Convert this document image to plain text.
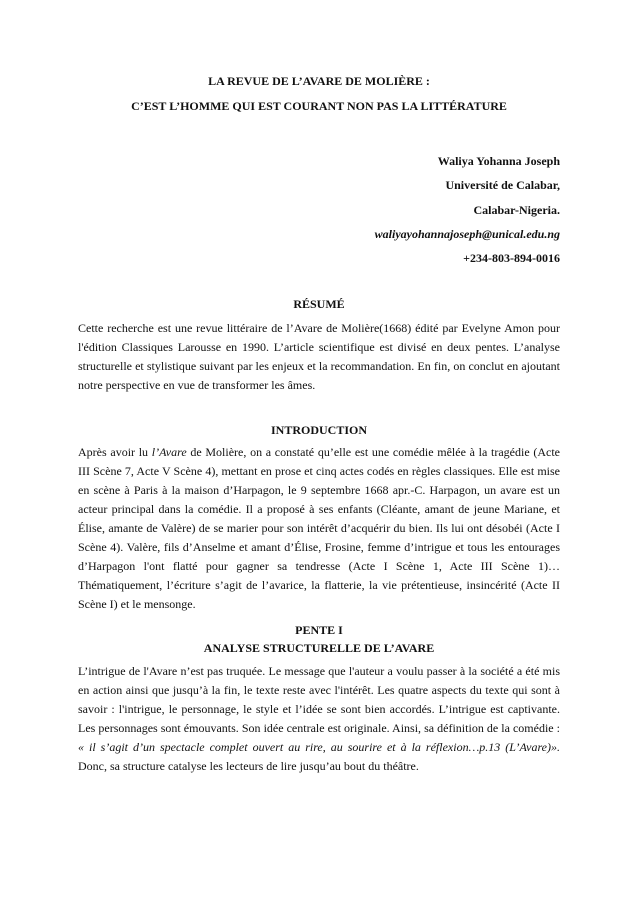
LA REVUE DE L’AVARE DE MOLIÈRE :
C’EST L’HOMME QUI EST COURANT NON PAS LA LITTÉRATURE
Waliya Yohanna Joseph
Université de Calabar,
Calabar-Nigeria.
waliyayohannajoseph@unical.edu.ng
+234-803-894-0016
RÉSUMÉ

Cette recherche est une revue littéraire de l’Avare de Molière(1668) édité par Evelyne Amon pour l'édition Classiques Larousse en 1990. L’article scientifique est divisé en deux pentes. L’analyse structurelle et stylistique suivant par les enjeux et la recommandation. En fin, on conclut en ajoutant notre perspective en vue de transformer les âmes.

INTRODUCTION

Après avoir lu l’Avare de Molière, on a constaté qu’elle est une comédie mêlée à la tragédie (Acte III Scène 7, Acte V Scène 4), mettant en prose et cinq actes codés en règles classiques. Elle est mise en scène à Paris à la maison d’Harpagon, le 9 septembre 1668 apr.-C. Harpagon, un avare est un acteur principal dans la comédie. Il a proposé à ses enfants (Cléante, amant de jeune Mariane, et Élise, amante de Valère) de se marier pour son intérêt d’acquérir du bien. Ils lui ont désobéi (Acte I Scène 4). Valère, fils d’Anselme et amant d’Élise, Frosine, femme d’intrigue et tous les entourages d’Harpagon l'ont flatté pour gagner sa tendresse (Acte I Scène 1, Acte III Scène 1)…Thématiquement, l’écriture s’agit de l’avarice, la flatterie, la vie prétentieuse, insincérité (Acte II Scène I) et le mensonge.

PENTE I
ANALYSE STRUCTURELLE DE L’AVARE

L’intrigue de l'Avare n’est pas truquée. Le message que l'auteur a voulu passer à la société a été mis en action ainsi que jusqu’à la fin, le texte reste avec l'intérêt. Les quatre aspects du texte qui sont à savoir : l'intrigue, le personnage, le style et l’idée se sont bien accordés. L’intrigue est captivante. Les personnages sont émouvants. Son idée centrale est originale. Ainsi, sa définition de la comédie : « il s’agit d’un spectacle complet ouvert au rire, au sourire et à la réflexion…p.13 (L’Avare)». Donc, sa structure catalyse les lecteurs de lire jusqu’au bout du théâtre.
